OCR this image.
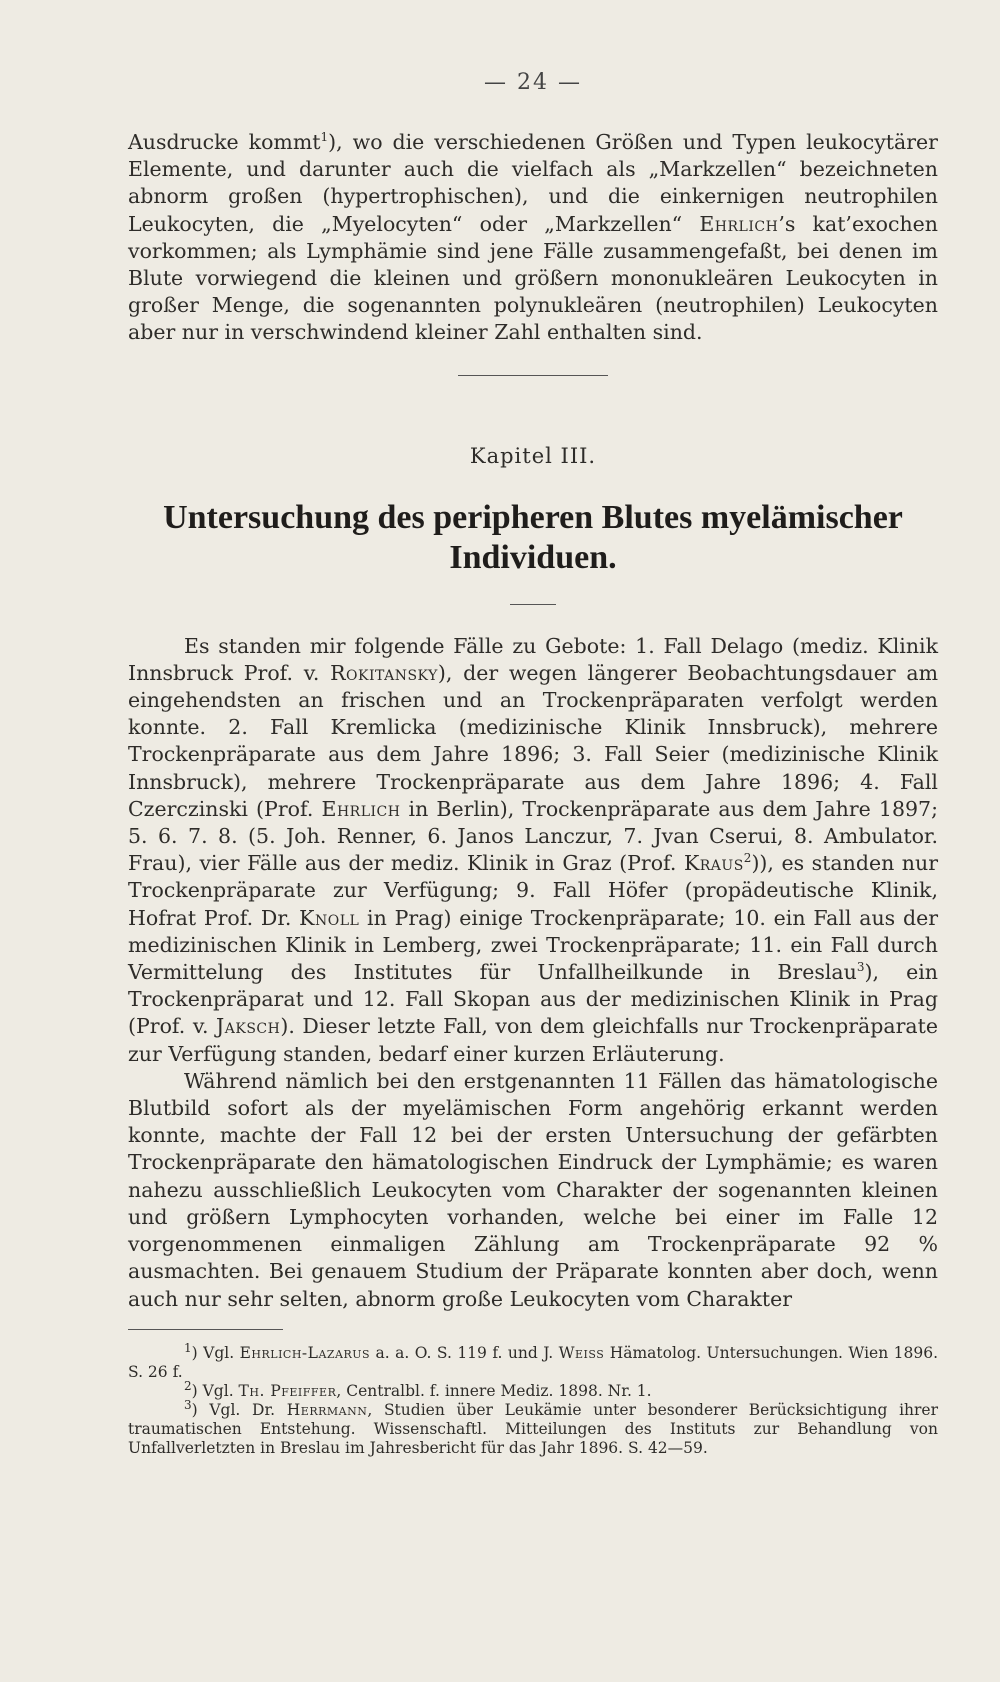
— 24 —

Ausdrucke kommt$^1$), wo die verschiedenen Größen und Typen leukocytärer Elemente, und darunter auch die vielfach als „Markzellen“ bezeichneten abnorm großen (hypertrophischen), und die einkernigen neutrophilen Leukocyten, die „Myelocyten“ oder „Markzellen“ Ehrlich’s kat’exochen vorkommen; als Lymphämie sind jene Fälle zusammengefaßt, bei denen im Blute vorwiegend die kleinen und größern mononukleären Leukocyten in großer Menge, die sogenannten polynukleären (neutrophilen) Leukocyten aber nur in verschwindend kleiner Zahl enthalten sind.

Kapitel III.
Untersuchung des peripheren Blutes myelämischer
Individuen.

Es standen mir folgende Fälle zu Gebote: 1. Fall Delago (mediz. Klinik Innsbruck Prof. v. Rokitansky), der wegen längerer Beobachtungsdauer am eingehendsten an frischen und an Trockenpräparaten verfolgt werden konnte. 2. Fall Kremlicka (medizinische Klinik Innsbruck), mehrere Trockenpräparate aus dem Jahre 1896; 3. Fall Seier (medizinische Klinik Innsbruck), mehrere Trockenpräparate aus dem Jahre 1896; 4. Fall Czerczinski (Prof. Ehrlich in Berlin), Trockenpräparate aus dem Jahre 1897; 5. 6. 7. 8. (5. Joh. Renner, 6. Janos Lanczur, 7. Jvan Cserui, 8. Ambulator. Frau), vier Fälle aus der mediz. Klinik in Graz (Prof. Kraus$^2$)), es standen nur Trockenpräparate zur Verfügung; 9. Fall Höfer (propädeutische Klinik, Hofrat Prof. Dr. Knoll in Prag) einige Trockenpräparate; 10. ein Fall aus der medizinischen Klinik in Lemberg, zwei Trockenpräparate; 11. ein Fall durch Vermittelung des Institutes für Unfallheilkunde in Breslau$^3$), ein Trockenpräparat und 12. Fall Skopan aus der medizinischen Klinik in Prag (Prof. v. Jaksch). Dieser letzte Fall, von dem gleichfalls nur Trockenpräparate zur Verfügung standen, bedarf einer kurzen Erläuterung.

Während nämlich bei den erstgenannten 11 Fällen das hämatologische Blutbild sofort als der myelämischen Form angehörig erkannt werden konnte, machte der Fall 12 bei der ersten Untersuchung der gefärbten Trockenpräparate den hämatologischen Eindruck der Lymphämie; es waren nahezu ausschließlich Leukocyten vom Charakter der sogenannten kleinen und größern Lymphocyten vorhanden, welche bei einer im Falle 12 vorgenommenen einmaligen Zählung am Trockenpräparate 92 % ausmachten. Bei genauem Studium der Präparate konnten aber doch, wenn auch nur sehr selten, abnorm große Leukocyten vom Charakter

$^1$) Vgl. Ehrlich-Lazarus a. a. O. S. 119 f. und J. Weiss Hämatolog. Untersuchungen. Wien 1896. S. 26 f.

$^2$) Vgl. Th. Pfeiffer, Centralbl. f. innere Mediz. 1898. Nr. 1.

$^3$) Vgl. Dr. Herrmann, Studien über Leukämie unter besonderer Berücksichtigung ihrer traumatischen Entstehung. Wissenschaftl. Mitteilungen des Instituts zur Behandlung von Unfallverletzten in Breslau im Jahresbericht für das Jahr 1896. S. 42—59.
